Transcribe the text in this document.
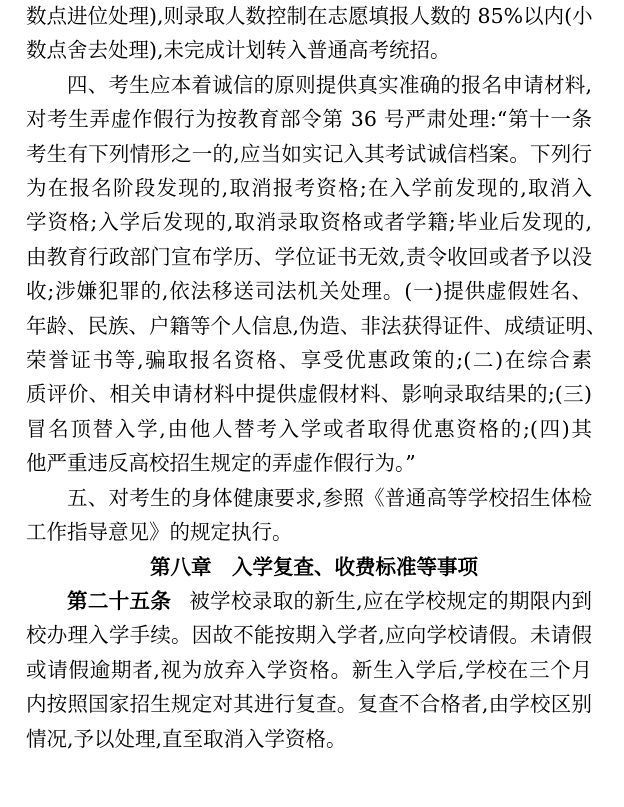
数点进位处理),则录取人数控制在志愿填报人数的 85%以内(小
数点舍去处理),未完成计划转入普通高考统招。
四、考生应本着诚信的原则提供真实准确的报名申请材料,
对考生弄虚作假行为按教育部令第 36 号严肃处理:“第十一条
考生有下列情形之一的,应当如实记入其考试诚信档案。下列行
为在报名阶段发现的,取消报考资格;在入学前发现的,取消入
学资格;入学后发现的,取消录取资格或者学籍;毕业后发现的,
由教育行政部门宣布学历、学位证书无效,责令收回或者予以没
收;涉嫌犯罪的,依法移送司法机关处理。(一)提供虚假姓名、
年龄、民族、户籍等个人信息,伪造、非法获得证件、成绩证明、
荣誉证书等,骗取报名资格、享受优惠政策的;(二)在综合素
质评价、相关申请材料中提供虚假材料、影响录取结果的;(三)
冒名顶替入学,由他人替考入学或者取得优惠资格的;(四)其
他严重违反高校招生规定的弄虚作假行为。”
五、对考生的身体健康要求,参照《普通高等学校招生体检
工作指导意见》的规定执行。
第八章　入学复查、收费标准等事项
第二十五条 被学校录取的新生,应在学校规定的期限内到
校办理入学手续。因故不能按期入学者,应向学校请假。未请假
或请假逾期者,视为放弃入学资格。新生入学后,学校在三个月
内按照国家招生规定对其进行复查。复查不合格者,由学校区别
情况,予以处理,直至取消入学资格。
